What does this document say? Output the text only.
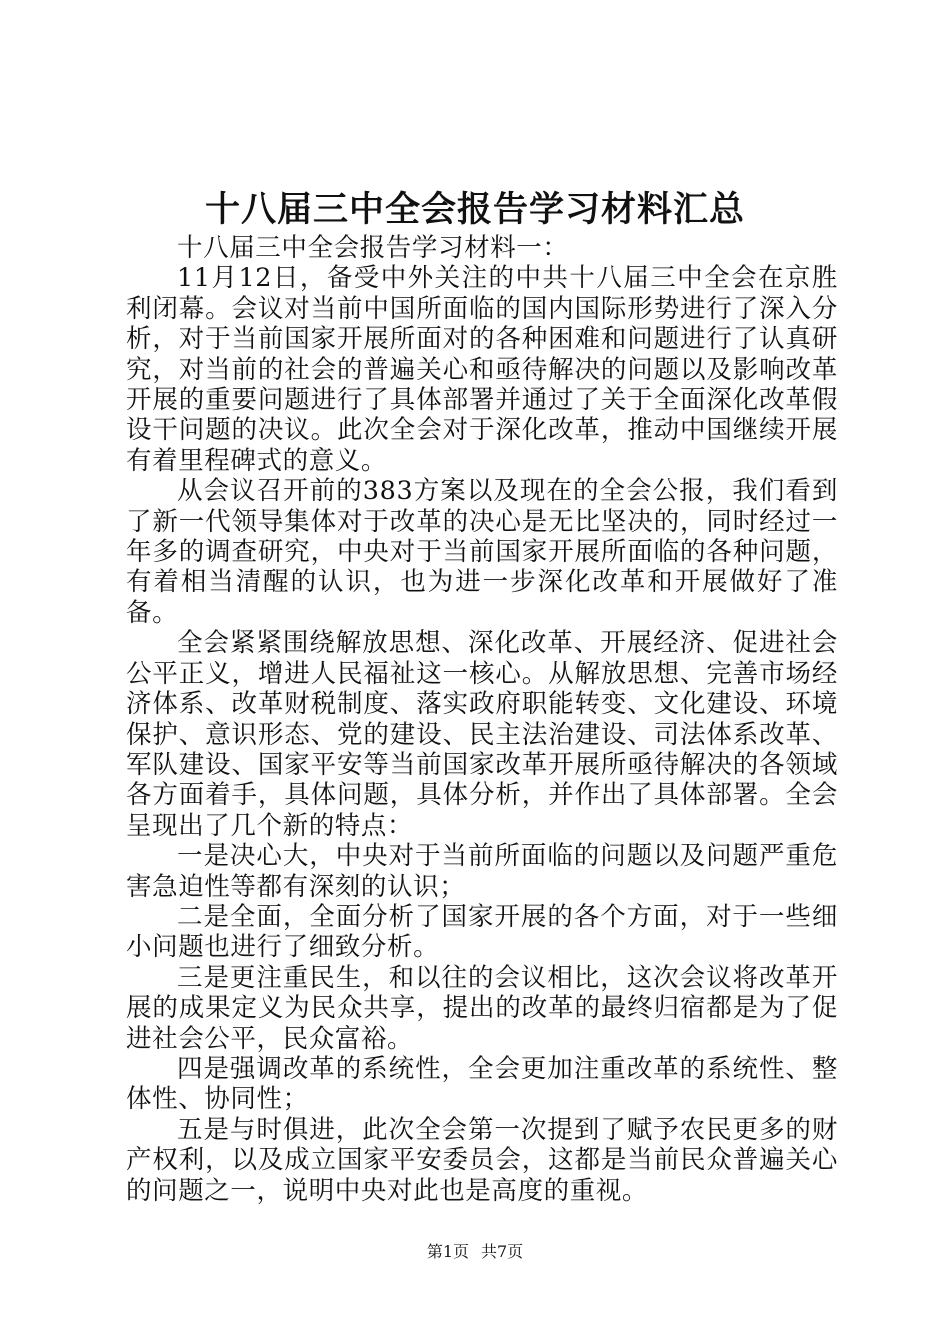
十八届三中全会报告学习材料汇总

十八届三中全会报告学习材料一：

11月12日，备受中外关注的中共十八届三中全会在京胜利闭幕。会议对当前中国所面临的国内国际形势进行了深入分析，对于当前国家开展所面对的各种困难和问题进行了认真研究，对当前的社会的普遍关心和亟待解决的问题以及影响改革开展的重要问题进行了具体部署并通过了关于全面深化改革假设干问题的决议。此次全会对于深化改革，推动中国继续开展有着里程碑式的意义。

从会议召开前的383方案以及现在的全会公报，我们看到了新一代领导集体对于改革的决心是无比坚决的，同时经过一年多的调查研究，中央对于当前国家开展所面临的各种问题，有着相当清醒的认识，也为进一步深化改革和开展做好了准备。

全会紧紧围绕解放思想、深化改革、开展经济、促进社会公平正义，增进人民福祉这一核心。从解放思想、完善市场经济体系、改革财税制度、落实政府职能转变、文化建设、环境保护、意识形态、党的建设、民主法治建设、司法体系改革、军队建设、国家平安等当前国家改革开展所亟待解决的各领域各方面着手，具体问题，具体分析，并作出了具体部署。全会呈现出了几个新的特点：

一是决心大，中央对于当前所面临的问题以及问题严重危害急迫性等都有深刻的认识；

二是全面，全面分析了国家开展的各个方面，对于一些细小问题也进行了细致分析。

三是更注重民生，和以往的会议相比，这次会议将改革开展的成果定义为民众共享，提出的改革的最终归宿都是为了促进社会公平，民众富裕。

四是强调改革的系统性，全会更加注重改革的系统性、整体性、协同性；

五是与时俱进，此次全会第一次提到了赋予农民更多的财产权利，以及成立国家平安委员会，这都是当前民众普遍关心的问题之一，说明中央对此也是高度的重视。

第1页 共7页
